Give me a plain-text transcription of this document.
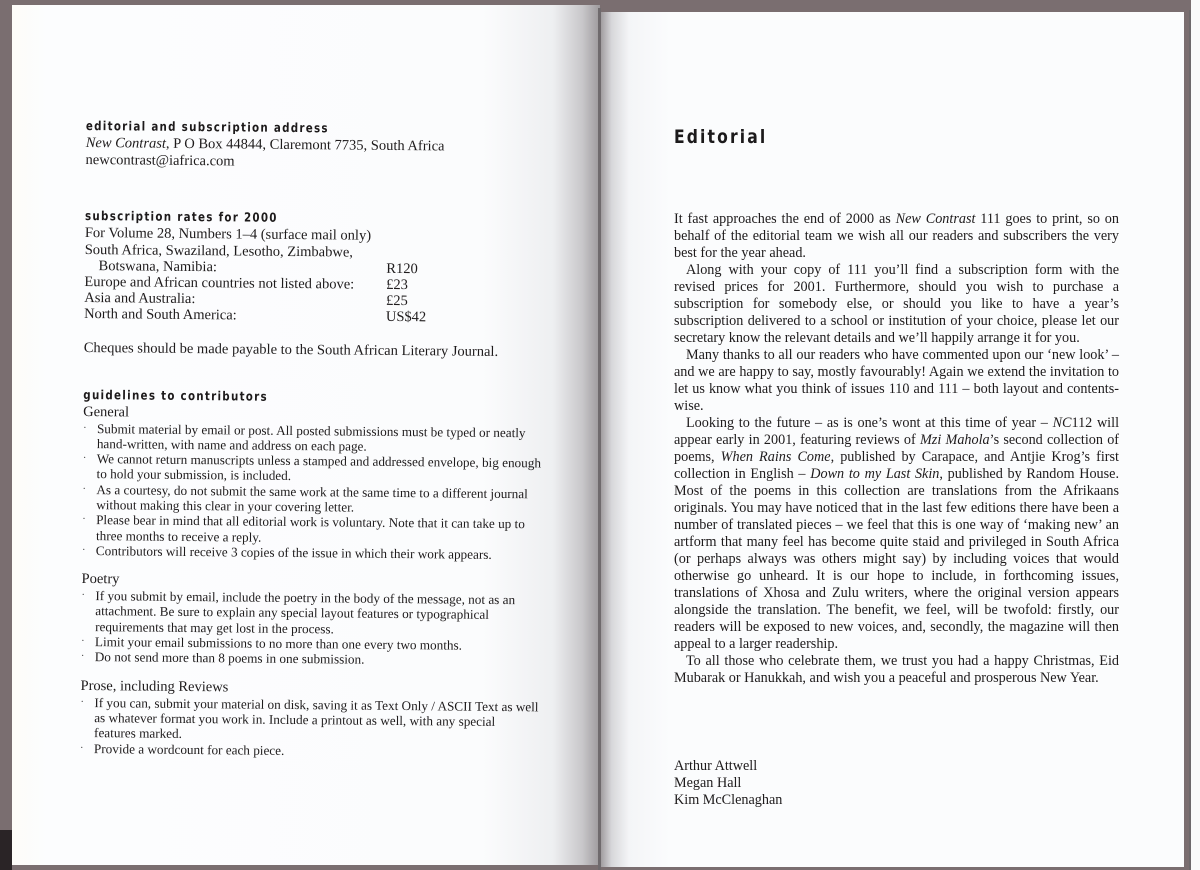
editorial and subscription address
New Contrast, P O Box 44844, Claremont 7735, South Africa
newcontrast@iafrica.com
subscription rates for 2000
For Volume 28, Numbers 1–4 (surface mail only)
South Africa, Swaziland, Lesotho, Zimbabwe,	
Botswana, Namibia:	R120
Europe and African countries not listed above:	£23
Asia and Australia:	£25
North and South America:	US$42
Cheques should be made payable to the South African Literary Journal.
guidelines to contributors
General
· Submit material by email or post. All posted submissions must be typed or neatly hand-written, with name and address on each page.
· We cannot return manuscripts unless a stamped and addressed envelope, big enough to hold your submission, is included.
· As a courtesy, do not submit the same work at the same time to a different journal without making this clear in your covering letter.
· Please bear in mind that all editorial work is voluntary. Note that it can take up to three months to receive a reply.
· Contributors will receive 3 copies of the issue in which their work appears.
Poetry
· If you submit by email, include the poetry in the body of the message, not as an attachment. Be sure to explain any special layout features or typographical requirements that may get lost in the process.
· Limit your email submissions to no more than one every two months.
· Do not send more than 8 poems in one submission.
Prose, including Reviews
· If you can, submit your material on disk, saving it as Text Only / ASCII Text as well as whatever format you work in. Include a printout as well, with any special features marked.
· Provide a wordcount for each piece.
Editorial

It fast approaches the end of 2000 as New Contrast 111 goes to print, so on behalf of the editorial team we wish all our readers and subscribers the very best for the year ahead.

Along with your copy of 111 you’ll find a subscription form with the revised prices for 2001. Furthermore, should you wish to purchase a subscription for somebody else, or should you like to have a year’s subscription delivered to a school or institution of your choice, please let our secretary know the relevant details and we’ll happily arrange it for you.

Many thanks to all our readers who have commented upon our ‘new look’ – and we are happy to say, mostly favourably! Again we extend the invitation to let us know what you think of issues 110 and 111 – both layout and contents-wise.

Looking to the future – as is one’s wont at this time of year – NC112 will appear early in 2001, featuring reviews of Mzi Mahola’s second collection of poems, When Rains Come, published by Carapace, and Antjie Krog’s first collection in English – Down to my Last Skin, published by Random House. Most of the poems in this collection are translations from the Afrikaans originals. You may have noticed that in the last few editions there have been a number of translated pieces – we feel that this is one way of ‘making new’ an artform that many feel has become quite staid and privileged in South Africa (or perhaps always was others might say) by including voices that would otherwise go unheard. It is our hope to include, in forthcoming issues, translations of Xhosa and Zulu writers, where the original version appears alongside the translation. The benefit, we feel, will be twofold: firstly, our readers will be exposed to new voices, and, secondly, the magazine will then appeal to a larger readership.

To all those who celebrate them, we trust you had a happy Christmas, Eid Mubarak or Hanukkah, and wish you a peaceful and prosperous New Year.

Arthur Attwell
Megan Hall
Kim McClenaghan
